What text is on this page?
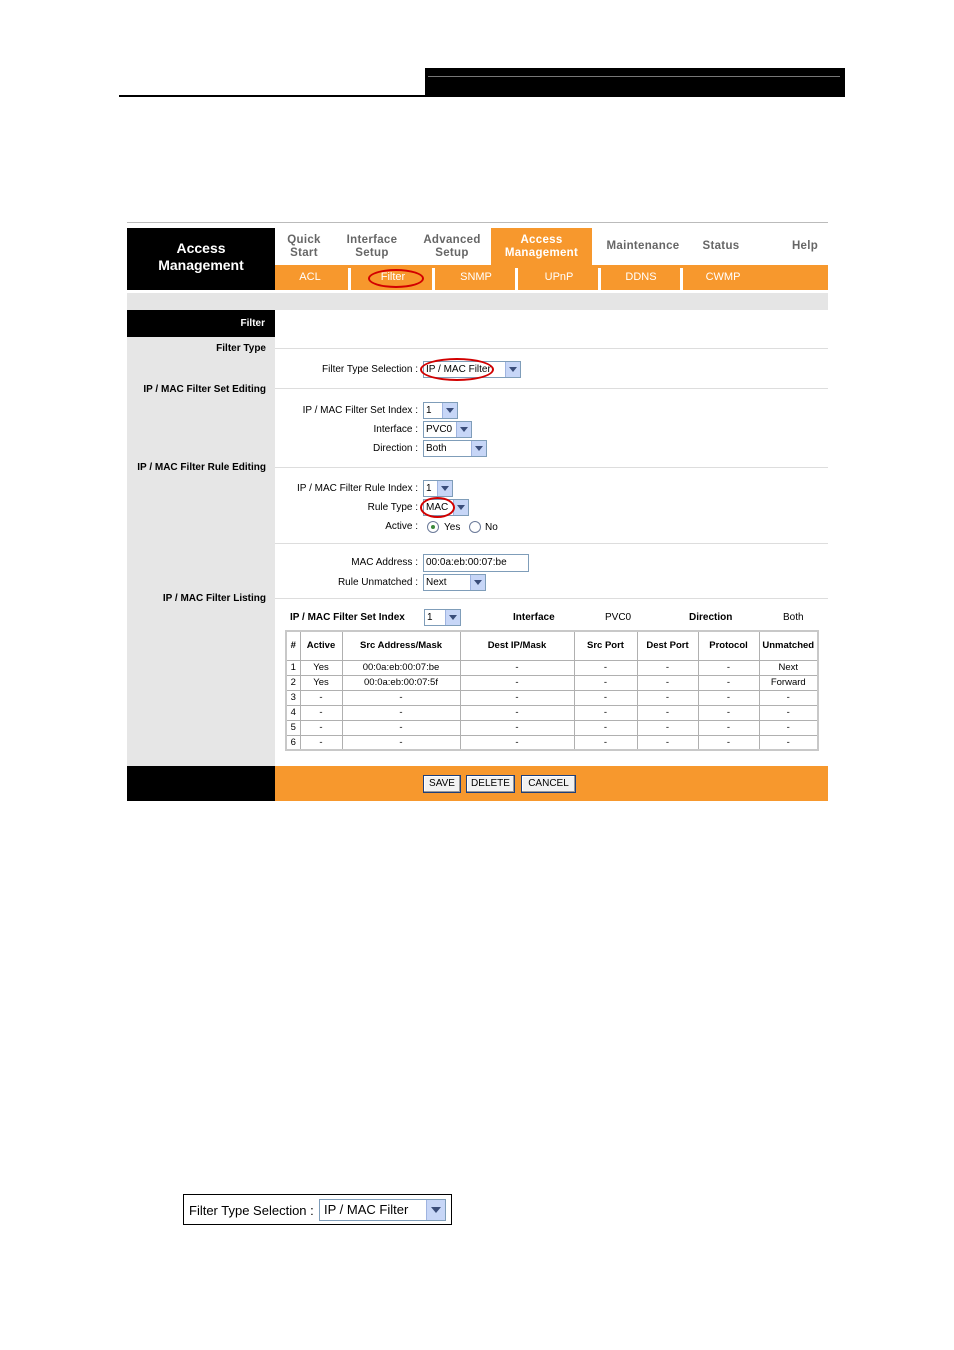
Access
Management
Quick
Start
Interface
Setup
Advanced
Setup
Access
Management
Maintenance Status	Help
ACL	Filter	SNMP	UPnP	DDNS	CWMP
Filter
Filter Type
IP / MAC Filter Set Editing
IP / MAC Filter Rule Editing
IP / MAC Filter Listing
Filter Type Selection : IP / MAC Filter
IP / MAC Filter Set Index : 1
Interface : PVC0
Direction : Both
IP / MAC Filter Rule Index : 1
Rule Type : MAC
Active :	Yes No
MAC Address : 00:0a:eb:00:07:be
Rule Unmatched : Next
IP / MAC Filter Set Index	1	Interface	PVC0	Direction	Both
#	Active	Src Address/Mask	Dest IP/Mask	Src Port	Dest Port	Protocol	Unmatched
1	Yes	00:0a:eb:00:07:be	-	-	-	-	Next
2	Yes	00:0a:eb:00:07:5f	-	-	-	-	Forward
3	-	-	-	-	-	-	-
4	-	-	-	-	-	-	-
5	-	-	-	-	-	-	-
6	-	-	-	-	-	-	-
SAVE	DELETE	CANCEL
Filter Type Selection : IP / MAC Filter
